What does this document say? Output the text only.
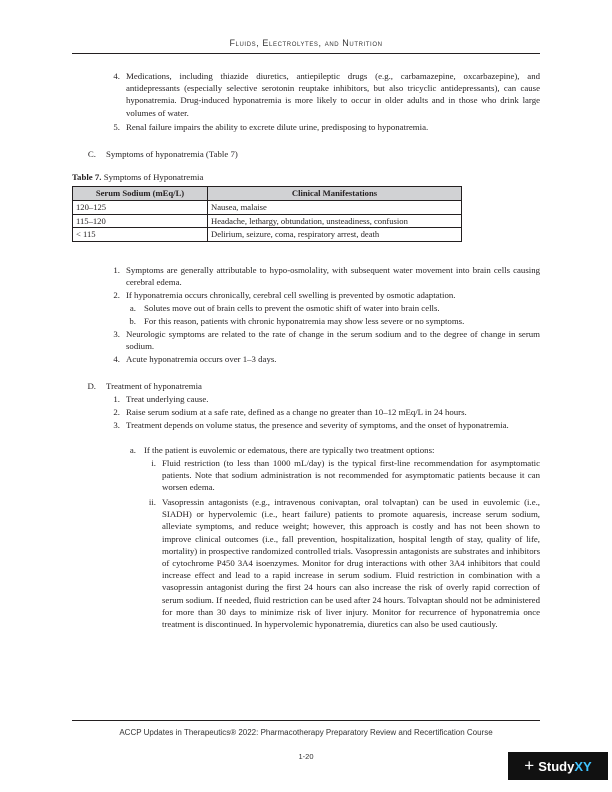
Fluids, Electrolytes, and Nutrition
4. Medications, including thiazide diuretics, antiepileptic drugs (e.g., carbamazepine, oxcarbazepine), and antidepressants (especially selective serotonin reuptake inhibitors, but also tricyclic antidepressants), can cause hyponatremia. Drug-induced hyponatremia is more likely to occur in older adults and in those who drink large volumes of water.
5. Renal failure impairs the ability to excrete dilute urine, predisposing to hyponatremia.
C. Symptoms of hyponatremia (Table 7)
Table 7. Symptoms of Hyponatremia
Serum Sodium (mEq/L)	Clinical Manifestations
120–125	Nausea, malaise
115–120	Headache, lethargy, obtundation, unsteadiness, confusion
< 115	Delirium, seizure, coma, respiratory arrest, death
1. Symptoms are generally attributable to hypo-osmolality, with subsequent water movement into brain cells causing cerebral edema.
2. If hyponatremia occurs chronically, cerebral cell swelling is prevented by osmotic adaptation.
a. Solutes move out of brain cells to prevent the osmotic shift of water into brain cells.
b. For this reason, patients with chronic hyponatremia may show less severe or no symptoms.
3. Neurologic symptoms are related to the rate of change in the serum sodium and to the degree of change in serum sodium.
4. Acute hyponatremia occurs over 1–3 days.
D. Treatment of hyponatremia
1. Treat underlying cause.
2. Raise serum sodium at a safe rate, defined as a change no greater than 10–12 mEq/L in 24 hours.
3. Treatment depends on volume status, the presence and severity of symptoms, and the onset of hyponatremia.
a. If the patient is euvolemic or edematous, there are typically two treatment options:
i. Fluid restriction (to less than 1000 mL/day) is the typical first-line recommendation for asymptomatic patients. Note that sodium administration is not recommended for asymptomatic patients because it can worsen edema.
ii. Vasopressin antagonists (e.g., intravenous conivaptan, oral tolvaptan) can be used in euvolemic (i.e., SIADH) or hypervolemic (i.e., heart failure) patients to promote aquaresis, increase serum sodium, alleviate symptoms, and reduce weight; however, this approach is costly and has not been shown to improve clinical outcomes (i.e., fall prevention, hospitalization, hospital length of stay, quality of life, mortality) in prospective randomized controlled trials. Vasopressin antagonists are substrates and inhibitors of cytochrome P450 3A4 isoenzymes. Monitor for drug interactions with other 3A4 inhibitors that could increase effect and lead to a rapid increase in serum sodium. Fluid restriction in combination with a vasopressin antagonist during the first 24 hours can also increase the risk of overly rapid correction of serum sodium. If needed, fluid restriction can be used after 24 hours. Tolvaptan should not be administered for more than 30 days to minimize risk of liver injury. Monitor for recurrence of hyponatremia once treatment is discontinued. In hypervolemic hyponatremia, diuretics can also be used cautiously.
ACCP Updates in Therapeutics® 2022: Pharmacotherapy Preparatory Review and Recertification Course
1-20	+ Study XY
